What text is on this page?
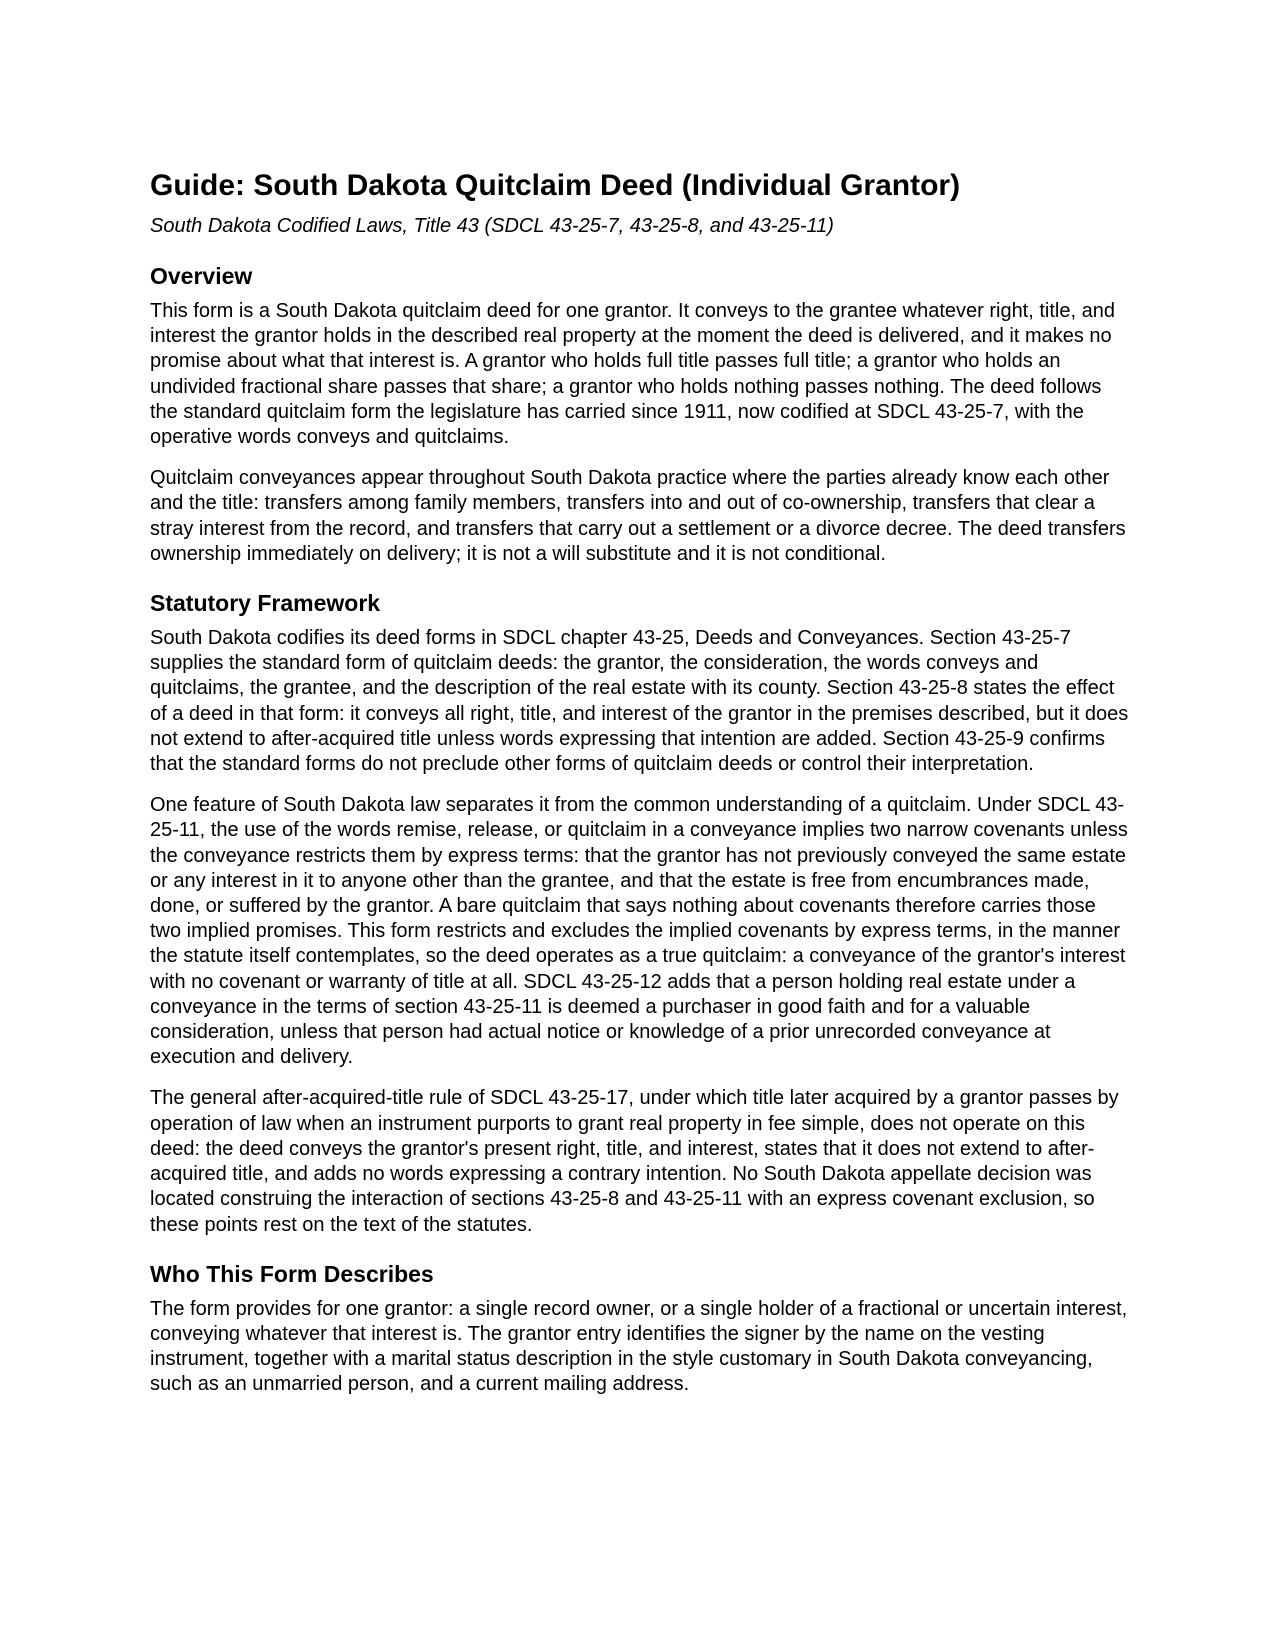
Guide: South Dakota Quitclaim Deed (Individual Grantor)
South Dakota Codified Laws, Title 43 (SDCL 43-25-7, 43-25-8, and 43-25-11)
Overview

This form is a South Dakota quitclaim deed for one grantor. It conveys to the grantee whatever right, title, and interest the grantor holds in the described real property at the moment the deed is delivered, and it makes no promise about what that interest is. A grantor who holds full title passes full title; a grantor who holds an undivided fractional share passes that share; a grantor who holds nothing passes nothing. The deed follows the standard quitclaim form the legislature has carried since 1911, now codified at SDCL 43-25-7, with the operative words conveys and quitclaims.

Quitclaim conveyances appear throughout South Dakota practice where the parties already know each other and the title: transfers among family members, transfers into and out of co-ownership, transfers that clear a stray interest from the record, and transfers that carry out a settlement or a divorce decree. The deed transfers ownership immediately on delivery; it is not a will substitute and it is not conditional.

Statutory Framework

South Dakota codifies its deed forms in SDCL chapter 43-25, Deeds and Conveyances. Section 43-25-7 supplies the standard form of quitclaim deeds: the grantor, the consideration, the words conveys and quitclaims, the grantee, and the description of the real estate with its county. Section 43-25-8 states the effect of a deed in that form: it conveys all right, title, and interest of the grantor in the premises described, but it does not extend to after-acquired title unless words expressing that intention are added. Section 43-25-9 confirms that the standard forms do not preclude other forms of quitclaim deeds or control their interpretation.

One feature of South Dakota law separates it from the common understanding of a quitclaim. Under SDCL 43-25-11, the use of the words remise, release, or quitclaim in a conveyance implies two narrow covenants unless the conveyance restricts them by express terms: that the grantor has not previously conveyed the same estate or any interest in it to anyone other than the grantee, and that the estate is free from encumbrances made, done, or suffered by the grantor. A bare quitclaim that says nothing about covenants therefore carries those two implied promises. This form restricts and excludes the implied covenants by express terms, in the manner the statute itself contemplates, so the deed operates as a true quitclaim: a conveyance of the grantor's interest with no covenant or warranty of title at all. SDCL 43-25-12 adds that a person holding real estate under a conveyance in the terms of section 43-25-11 is deemed a purchaser in good faith and for a valuable consideration, unless that person had actual notice or knowledge of a prior unrecorded conveyance at execution and delivery.

The general after-acquired-title rule of SDCL 43-25-17, under which title later acquired by a grantor passes by operation of law when an instrument purports to grant real property in fee simple, does not operate on this deed: the deed conveys the grantor's present right, title, and interest, states that it does not extend to after-acquired title, and adds no words expressing a contrary intention. No South Dakota appellate decision was located construing the interaction of sections 43-25-8 and 43-25-11 with an express covenant exclusion, so these points rest on the text of the statutes.

Who This Form Describes

The form provides for one grantor: a single record owner, or a single holder of a fractional or uncertain interest, conveying whatever that interest is. The grantor entry identifies the signer by the name on the vesting instrument, together with a marital status description in the style customary in South Dakota conveyancing, such as an unmarried person, and a current mailing address.
